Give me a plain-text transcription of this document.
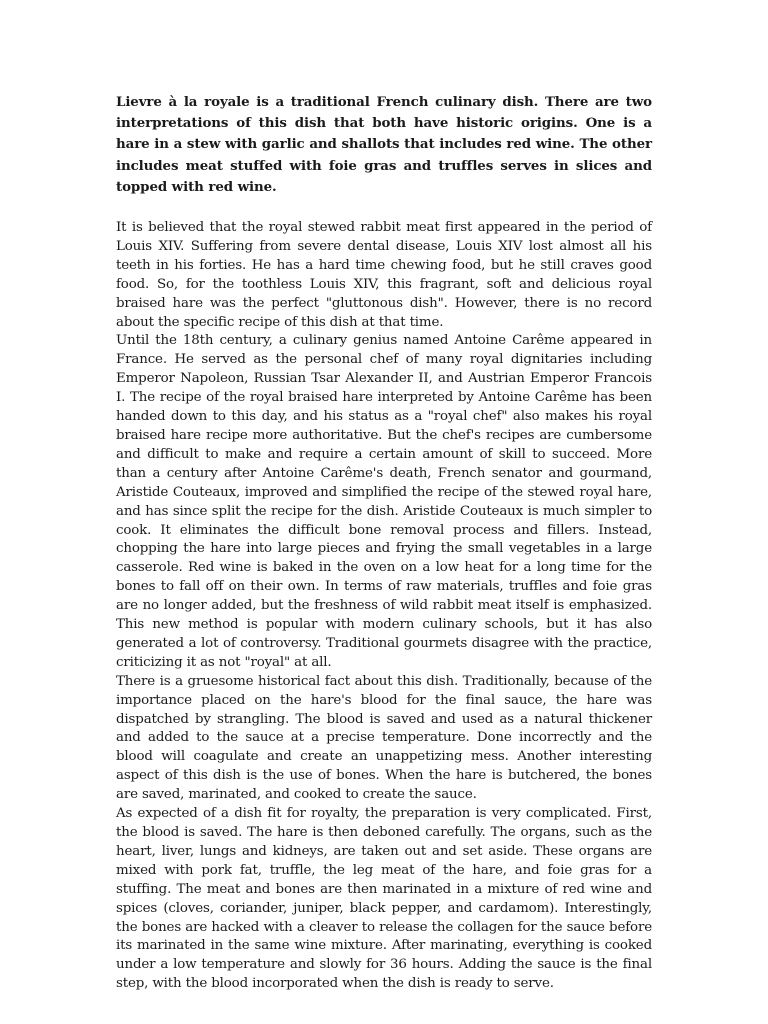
Lievre à la royale is a traditional French culinary dish. There are two interpretations of this dish that both have historic origins. One is a hare in a stew with garlic and shallots that includes red wine. The other includes meat stuffed with foie gras and truffles serves in slices and topped with red wine.

It is believed that the royal stewed rabbit meat first appeared in the period of Louis XIV. Suffering from severe dental disease, Louis XIV lost almost all his teeth in his forties. He has a hard time chewing food, but he still craves good food. So, for the toothless Louis XIV, this fragrant, soft and delicious royal braised hare was the perfect "gluttonous dish". However, there is no record about the specific recipe of this dish at that time.

Until the 18th century, a culinary genius named Antoine Carême appeared in France. He served as the personal chef of many royal dignitaries including Emperor Napoleon, Russian Tsar Alexander II, and Austrian Emperor Francois I. The recipe of the royal braised hare interpreted by Antoine Carême has been handed down to this day, and his status as a "royal chef" also makes his royal braised hare recipe more authoritative. But the chef's recipes are cumbersome and difficult to make and require a certain amount of skill to succeed. More than a century after Antoine Carême's death, French senator and gourmand, Aristide Couteaux, improved and simplified the recipe of the stewed royal hare, and has since split the recipe for the dish. Aristide Couteaux is much simpler to cook. It eliminates the difficult bone removal process and fillers. Instead, chopping the hare into large pieces and frying the small vegetables in a large casserole. Red wine is baked in the oven on a low heat for a long time for the bones to fall off on their own. In terms of raw materials, truffles and foie gras are no longer added, but the freshness of wild rabbit meat itself is emphasized. This new method is popular with modern culinary schools, but it has also generated a lot of controversy. Traditional gourmets disagree with the practice, criticizing it as not "royal" at all.

There is a gruesome historical fact about this dish. Traditionally, because of the importance placed on the hare's blood for the final sauce, the hare was dispatched by strangling. The blood is saved and used as a natural thickener and added to the sauce at a precise temperature. Done incorrectly and the blood will coagulate and create an unappetizing mess. Another interesting aspect of this dish is the use of bones. When the hare is butchered, the bones are saved, marinated, and cooked to create the sauce.

As expected of a dish fit for royalty, the preparation is very complicated. First, the blood is saved. The hare is then deboned carefully. The organs, such as the heart, liver, lungs and kidneys, are taken out and set aside. These organs are mixed with pork fat, truffle, the leg meat of the hare, and foie gras for a stuffing. The meat and bones are then marinated in a mixture of red wine and spices (cloves, coriander, juniper, black pepper, and cardamom). Interestingly, the bones are hacked with a cleaver to release the collagen for the sauce before its marinated in the same wine mixture. After marinating, everything is cooked under a low temperature and slowly for 36 hours. Adding the sauce is the final step, with the blood incorporated when the dish is ready to serve.
